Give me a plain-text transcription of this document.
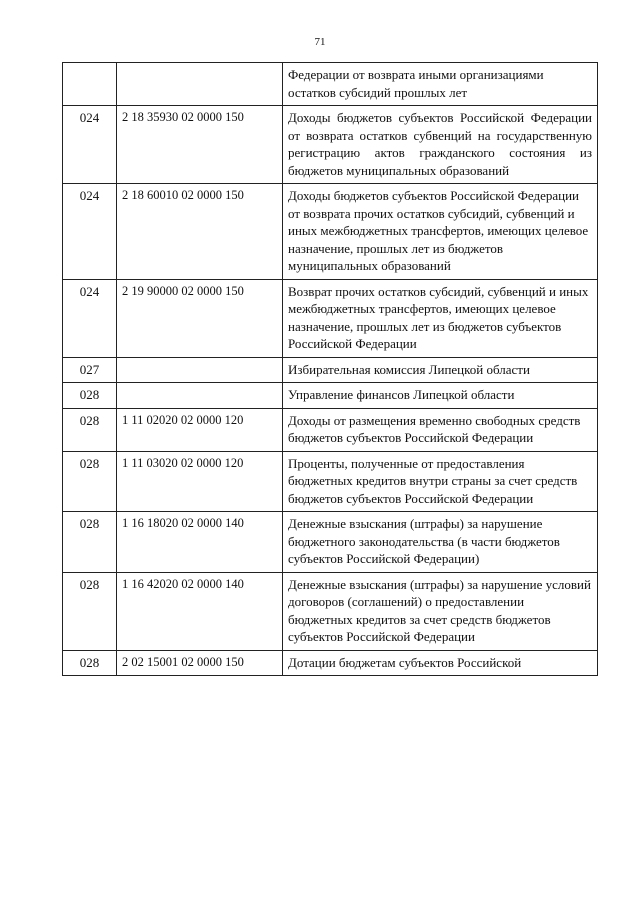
71
		Федерации от возврата иными организациями остатков субсидий прошлых лет
024	2 18 35930 02 0000 150	Доходы бюджетов субъектов Российской Федерации от возврата остатков субвенций на государственную регистрацию актов гражданского состояния из бюджетов муниципальных образований
024	2 18 60010 02 0000 150	Доходы бюджетов субъектов Российской Федерации от возврата прочих остатков субсидий, субвенций и иных межбюджетных трансфертов, имеющих целевое назначение, прошлых лет из бюджетов муниципальных образований
024	2 19 90000 02 0000 150	Возврат прочих остатков субсидий, субвенций и иных межбюджетных трансфертов, имеющих целевое назначение, прошлых лет из бюджетов субъектов Российской Федерации
027		Избирательная комиссия Липецкой области
028		Управление финансов Липецкой области
028	1 11 02020 02 0000 120	Доходы от размещения временно свободных средств бюджетов субъектов Российской Федерации
028	1 11 03020 02 0000 120	Проценты, полученные от предоставления бюджетных кредитов внутри страны за счет средств бюджетов субъектов Российской Федерации
028	1 16 18020 02 0000 140	Денежные взыскания (штрафы) за нарушение бюджетного законодательства (в части бюджетов субъектов Российской Федерации)
028	1 16 42020 02 0000 140	Денежные взыскания (штрафы) за нарушение условий договоров (соглашений) о предоставлении бюджетных кредитов за счет средств бюджетов субъектов Российской Федерации
028	2 02 15001 02 0000 150	Дотации бюджетам субъектов Российской
